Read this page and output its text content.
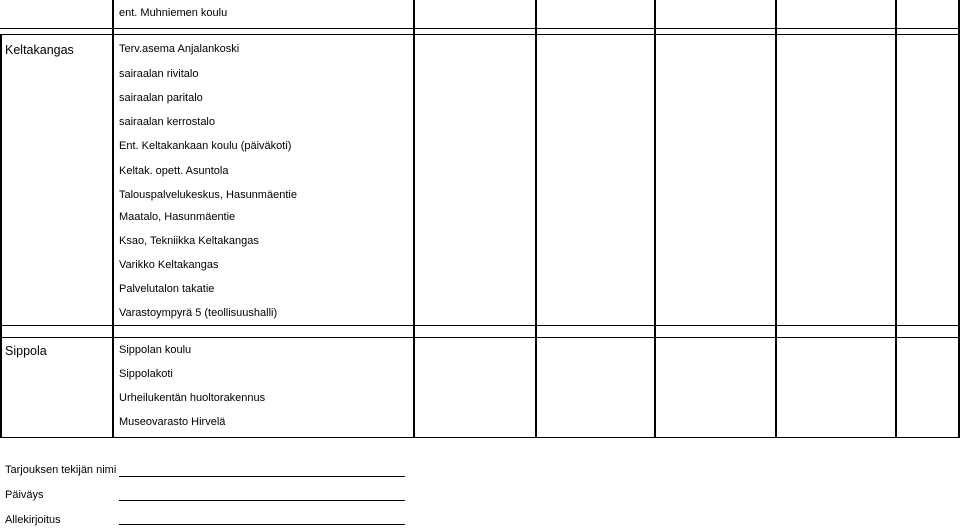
ent. Muhniemen koulu
Keltakangas	Terv.asema Anjalankoski
sairaalan rivitalo
sairaalan paritalo
sairaalan kerrostalo
Ent. Keltakankaan koulu (päiväkoti)
Keltak. opett. Asuntola
Talouspalvelukeskus, Hasunmäentie
Maatalo, Hasunmäentie
Ksao, Tekniikka Keltakangas
Varikko Keltakangas
Palvelutalon takatie
Varastoympyrä 5 (teollisuushalli)
Sippola	Sippolan koulu
Sippolakoti
Urheilukentän huoltorakennus
Museovarasto Hirvelä
Tarjouksen tekijän nimi
Päiväys
Allekirjoitus
